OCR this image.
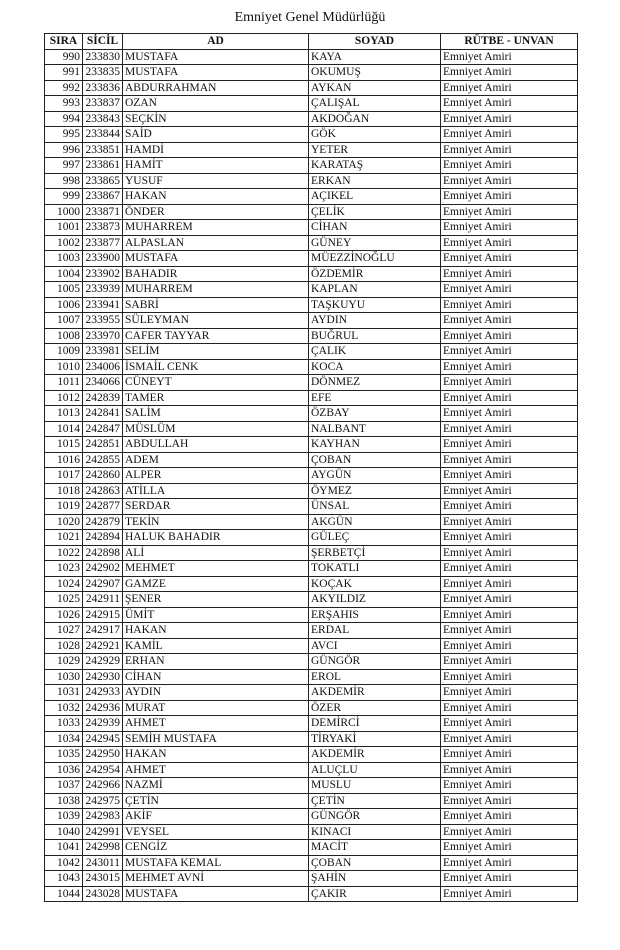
Emniyet Genel Müdürlüğü
SIRA	SİCİL	AD	SOYAD	RÜTBE - UNVAN
990	233830	MUSTAFA	KAYA	Emniyet Amiri
991	233835	MUSTAFA	OKUMUŞ	Emniyet Amiri
992	233836	ABDURRAHMAN	AYKAN	Emniyet Amiri
993	233837	OZAN	ÇALIŞAL	Emniyet Amiri
994	233843	SEÇKİN	AKDOĞAN	Emniyet Amiri
995	233844	SAİD	GÖK	Emniyet Amiri
996	233851	HAMDİ	YETER	Emniyet Amiri
997	233861	HAMİT	KARATAŞ	Emniyet Amiri
998	233865	YUSUF	ERKAN	Emniyet Amiri
999	233867	HAKAN	AÇIKEL	Emniyet Amiri
1000	233871	ÖNDER	ÇELİK	Emniyet Amiri
1001	233873	MUHARREM	CİHAN	Emniyet Amiri
1002	233877	ALPASLAN	GÜNEY	Emniyet Amiri
1003	233900	MUSTAFA	MÜEZZİNOĞLU	Emniyet Amiri
1004	233902	BAHADIR	ÖZDEMİR	Emniyet Amiri
1005	233939	MUHARREM	KAPLAN	Emniyet Amiri
1006	233941	SABRİ	TAŞKUYU	Emniyet Amiri
1007	233955	SÜLEYMAN	AYDIN	Emniyet Amiri
1008	233970	CAFER TAYYAR	BUĞRUL	Emniyet Amiri
1009	233981	SELİM	ÇALIK	Emniyet Amiri
1010	234006	İSMAİL CENK	KOCA	Emniyet Amiri
1011	234066	CÜNEYT	DÖNMEZ	Emniyet Amiri
1012	242839	TAMER	EFE	Emniyet Amiri
1013	242841	SALİM	ÖZBAY	Emniyet Amiri
1014	242847	MÜSLÜM	NALBANT	Emniyet Amiri
1015	242851	ABDULLAH	KAYHAN	Emniyet Amiri
1016	242855	ADEM	ÇOBAN	Emniyet Amiri
1017	242860	ALPER	AYGÜN	Emniyet Amiri
1018	242863	ATİLLA	ÖYMEZ	Emniyet Amiri
1019	242877	SERDAR	ÜNSAL	Emniyet Amiri
1020	242879	TEKİN	AKGÜN	Emniyet Amiri
1021	242894	HALUK BAHADIR	GÜLEÇ	Emniyet Amiri
1022	242898	ALİ	ŞERBETÇİ	Emniyet Amiri
1023	242902	MEHMET	TOKATLI	Emniyet Amiri
1024	242907	GAMZE	KOÇAK	Emniyet Amiri
1025	242911	ŞENER	AKYILDIZ	Emniyet Amiri
1026	242915	ÜMİT	ERŞAHIS	Emniyet Amiri
1027	242917	HAKAN	ERDAL	Emniyet Amiri
1028	242921	KAMİL	AVCI	Emniyet Amiri
1029	242929	ERHAN	GÜNGÖR	Emniyet Amiri
1030	242930	CİHAN	EROL	Emniyet Amiri
1031	242933	AYDIN	AKDEMİR	Emniyet Amiri
1032	242936	MURAT	ÖZER	Emniyet Amiri
1033	242939	AHMET	DEMİRCİ	Emniyet Amiri
1034	242945	SEMİH MUSTAFA	TİRYAKİ	Emniyet Amiri
1035	242950	HAKAN	AKDEMİR	Emniyet Amiri
1036	242954	AHMET	ALUÇLU	Emniyet Amiri
1037	242966	NAZMİ	MUSLU	Emniyet Amiri
1038	242975	ÇETİN	ÇETİN	Emniyet Amiri
1039	242983	AKİF	GÜNGÖR	Emniyet Amiri
1040	242991	VEYSEL	KINACI	Emniyet Amiri
1041	242998	CENGİZ	MACİT	Emniyet Amiri
1042	243011	MUSTAFA KEMAL	ÇOBAN	Emniyet Amiri
1043	243015	MEHMET AVNİ	ŞAHİN	Emniyet Amiri
1044	243028	MUSTAFA	ÇAKIR	Emniyet Amiri
